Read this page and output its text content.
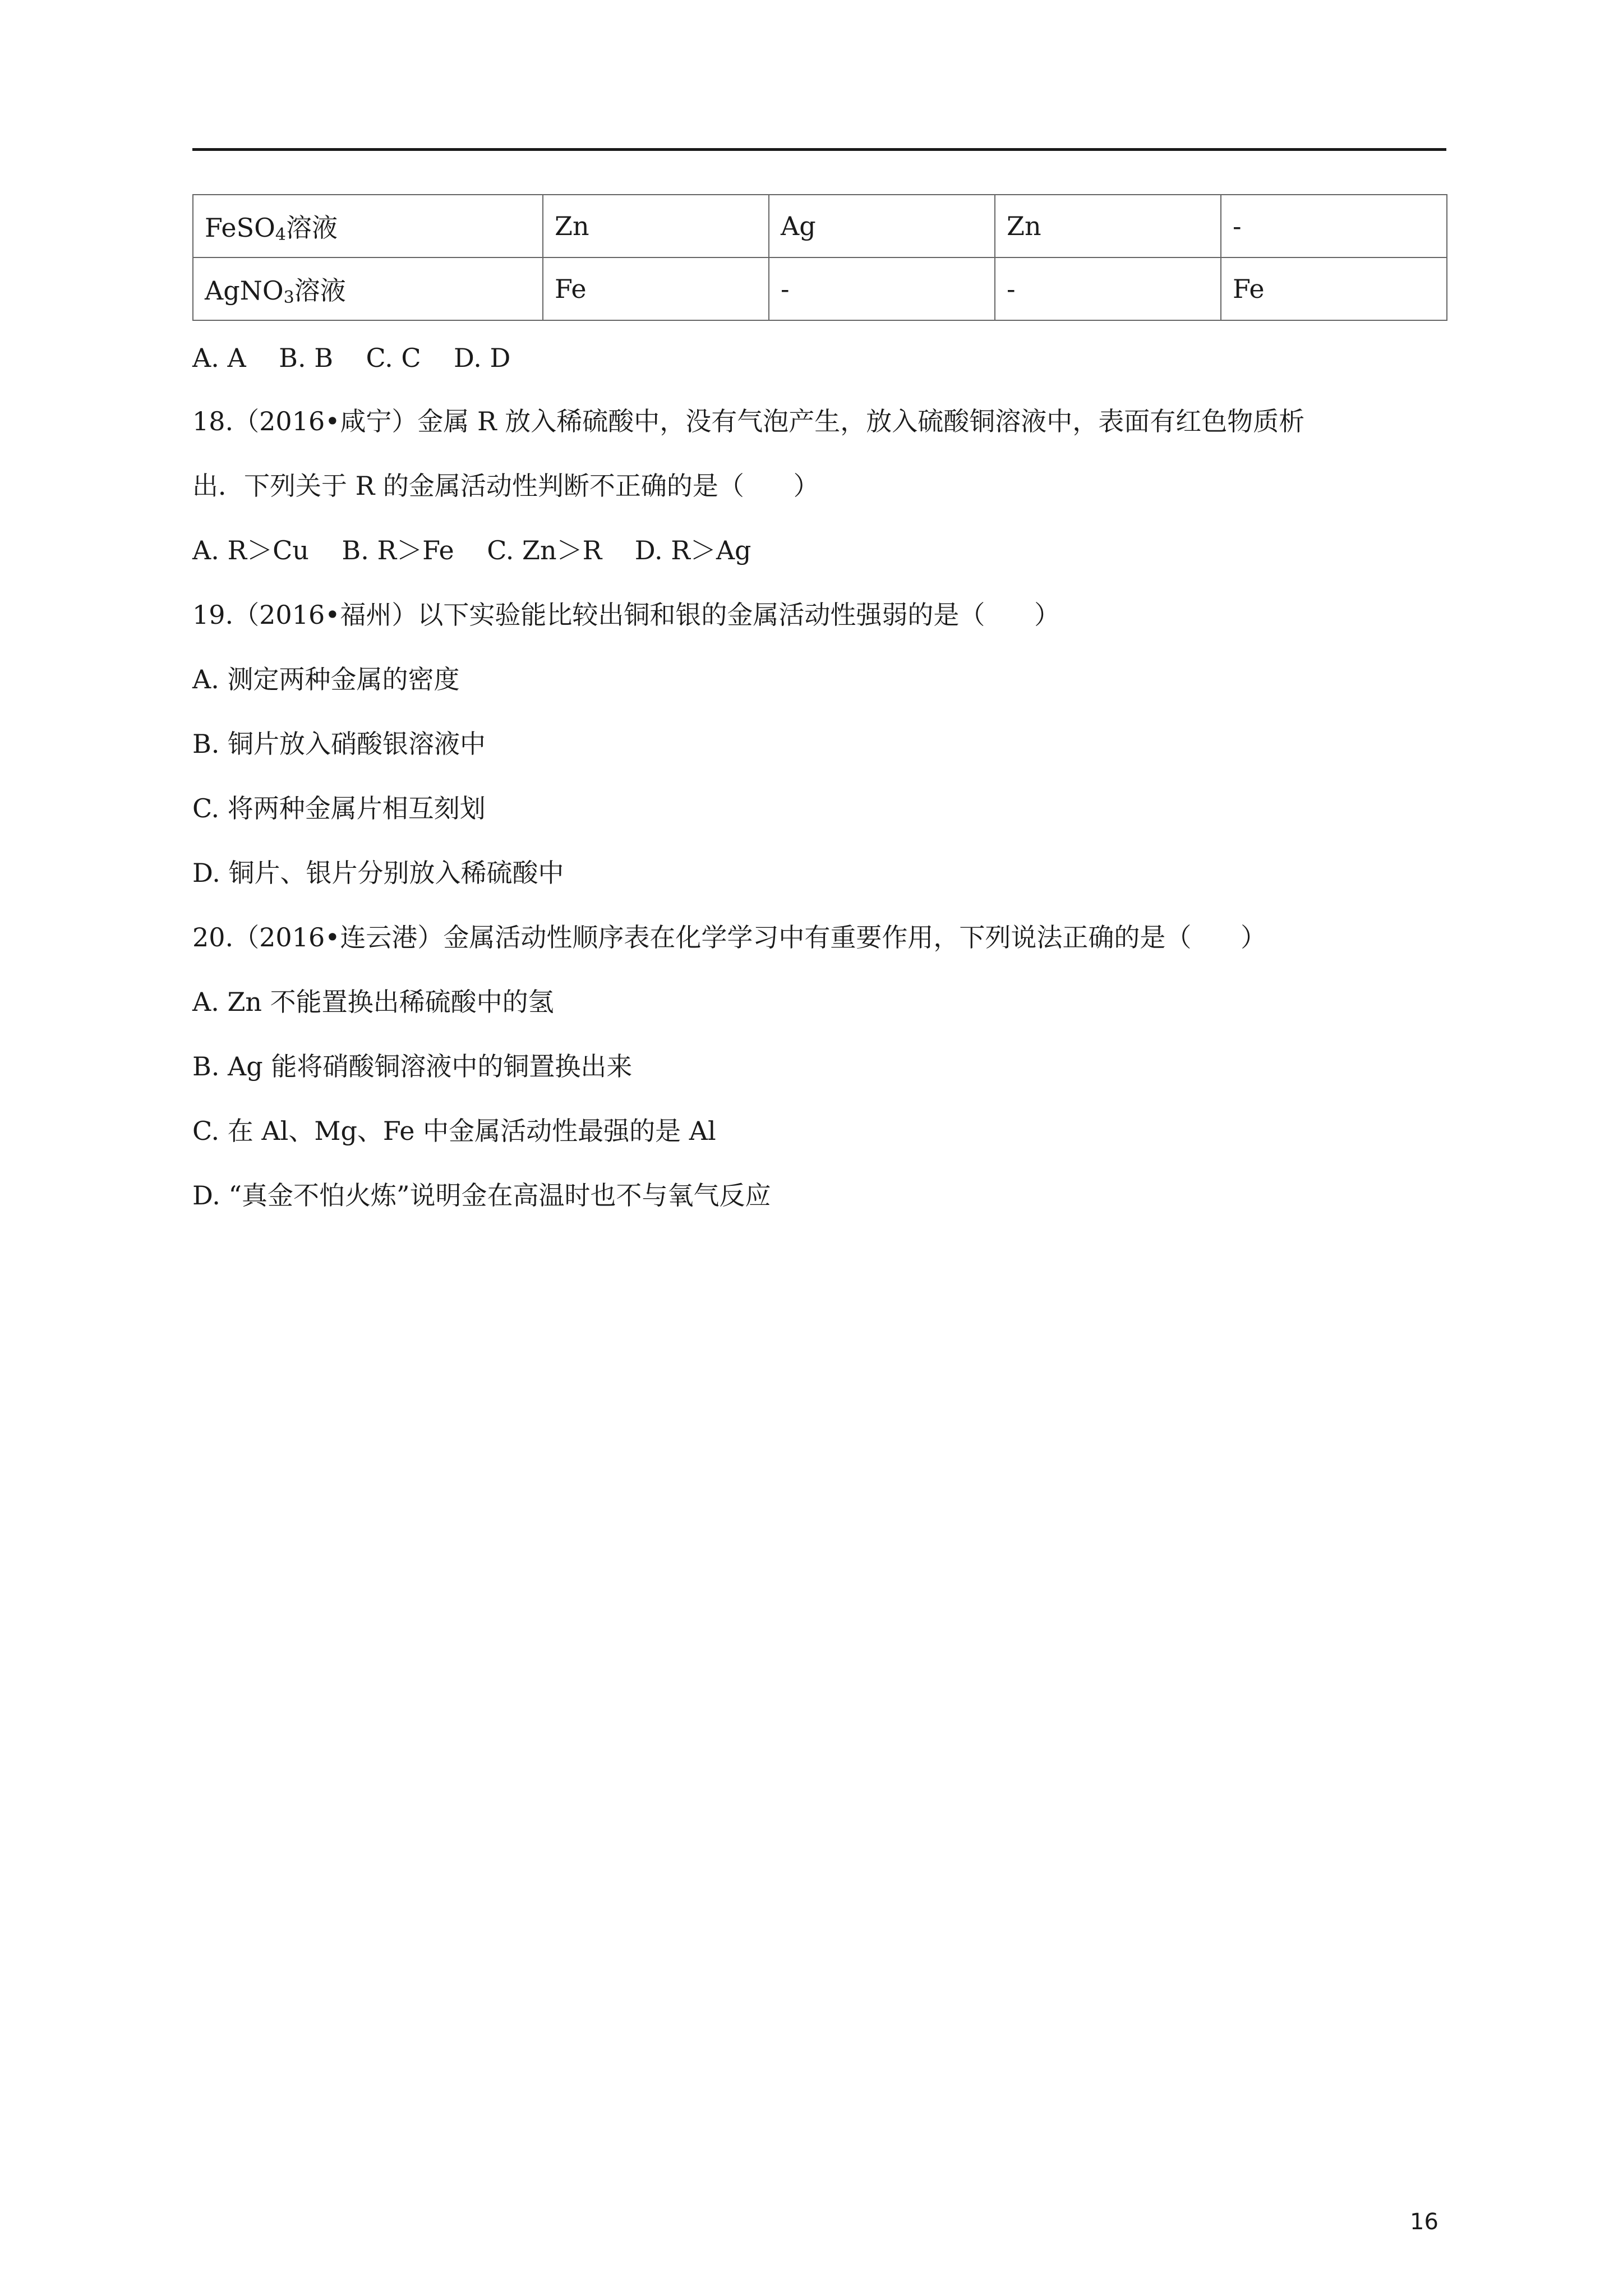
FeSO$_4$溶液	Zn	Ag	Zn	-
AgNO$_3$溶液	Fe	-	-	Fe
A. A    B. B    C. C    D. D
18.（2016•咸宁）金属 R 放入稀硫酸中，没有气泡产生，放入硫酸铜溶液中，表面有红色物质析
出．下列关于 R 的金属活动性判断不正确的是（      ）
A. R＞Cu    B. R＞Fe    C. Zn＞R    D. R＞Ag
19.（2016•福州）以下实验能比较出铜和银的金属活动性强弱的是（      ）
A. 测定两种金属的密度
B. 铜片放入硝酸银溶液中
C. 将两种金属片相互刻划
D. 铜片、银片分别放入稀硫酸中
20.（2016•连云港）金属活动性顺序表在化学学习中有重要作用，下列说法正确的是（      ）
A. Zn 不能置换出稀硫酸中的氢
B. Ag 能将硝酸铜溶液中的铜置换出来
C. 在 Al、Mg、Fe 中金属活动性最强的是 Al
D. “真金不怕火炼”说明金在高温时也不与氧气反应
16
